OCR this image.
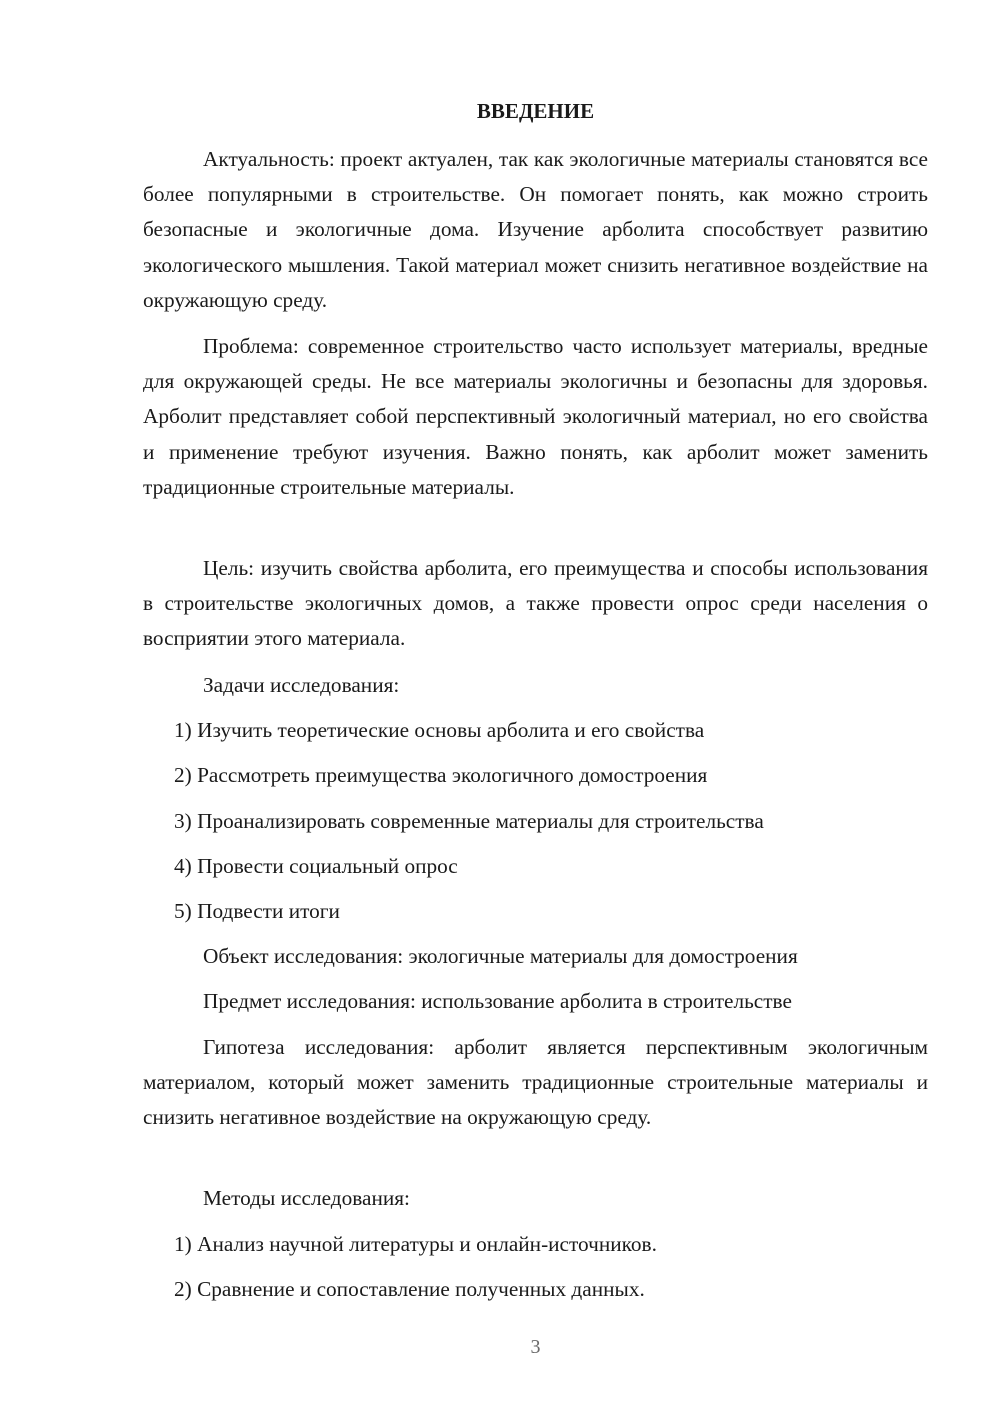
ВВЕДЕНИЕ

Актуальность: проект актуален, так как экологичные материалы становятся все более популярными в строительстве. Он помогает понять, как можно строить безопасные и экологичные дома. Изучение арболита способствует развитию экологического мышления. Такой материал может снизить негативное воздействие на окружающую среду.

Проблема: современное строительство часто использует материалы, вредные для окружающей среды. Не все материалы экологичны и безопасны для здоровья. Арболит представляет собой перспективный экологичный материал, но его свойства и применение требуют изучения. Важно понять, как арболит может заменить традиционные строительные материалы.

Цель: изучить свойства арболита, его преимущества и способы использования в строительстве экологичных домов, а также провести опрос среди населения о восприятии этого материала.

Задачи исследования:

1) Изучить теоретические основы арболита и его свойства

2) Рассмотреть преимущества экологичного домостроения

3) Проанализировать современные материалы для строительства

4) Провести социальный опрос

5) Подвести итоги

Объект исследования: экологичные материалы для домостроения

Предмет исследования: использование арболита в строительстве

Гипотеза исследования: арболит является перспективным экологичным материалом, который может заменить традиционные строительные материалы и снизить негативное воздействие на окружающую среду.

Методы исследования:

1) Анализ научной литературы и онлайн-источников.

2) Сравнение и сопоставление полученных данных.

3
